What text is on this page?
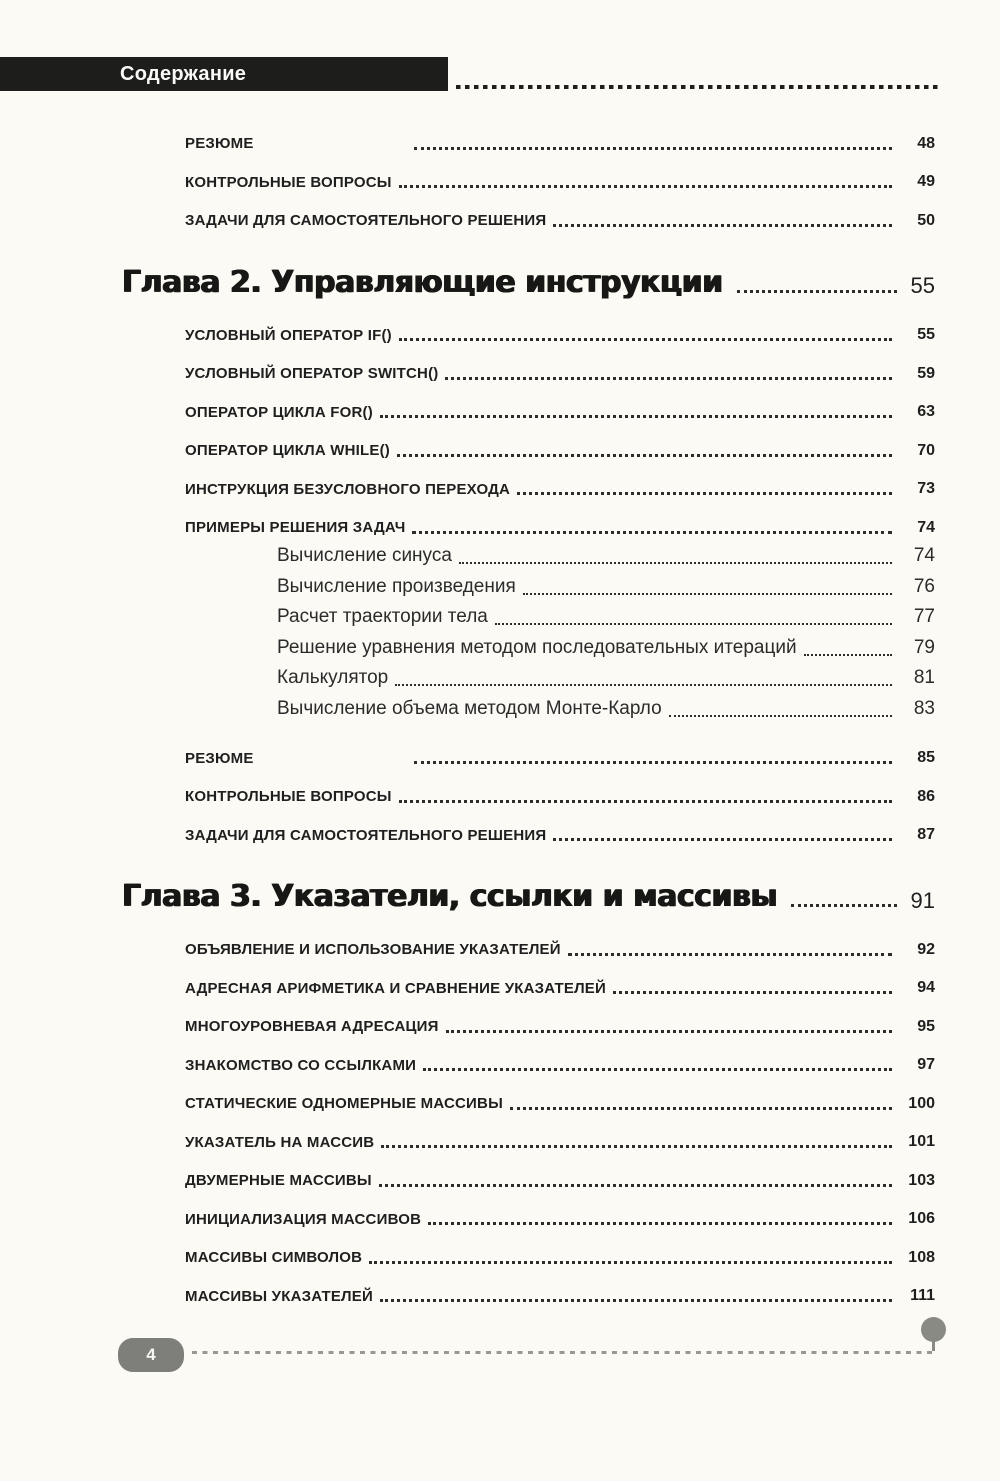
Содержание
РЕЗЮМЕ	48
КОНТРОЛЬНЫЕ ВОПРОСЫ	49
ЗАДАЧИ ДЛЯ САМОСТОЯТЕЛЬНОГО РЕШЕНИЯ	50
Глава 2. Управляющие инструкции	55
УСЛОВНЫЙ ОПЕРАТОР IF()	55
УСЛОВНЫЙ ОПЕРАТОР SWITCH()	59
ОПЕРАТОР ЦИКЛА FOR()	63
ОПЕРАТОР ЦИКЛА WHILE()	70
ИНСТРУКЦИЯ БЕЗУСЛОВНОГО ПЕРЕХОДА	73
ПРИМЕРЫ РЕШЕНИЯ ЗАДАЧ	74
Вычисление синуса	74
Вычисление произведения	76
Расчет траектории тела	77
Решение уравнения методом последовательных итераций	79
Калькулятор	81
Вычисление объема методом Монте-Карло	83
РЕЗЮМЕ	85
КОНТРОЛЬНЫЕ ВОПРОСЫ	86
ЗАДАЧИ ДЛЯ САМОСТОЯТЕЛЬНОГО РЕШЕНИЯ	87
Глава 3. Указатели, ссылки и массивы	91
ОБЪЯВЛЕНИЕ И ИСПОЛЬЗОВАНИЕ УКАЗАТЕЛЕЙ	92
АДРЕСНАЯ АРИФМЕТИКА И СРАВНЕНИЕ УКАЗАТЕЛЕЙ	94
МНОГОУРОВНЕВАЯ АДРЕСАЦИЯ	95
ЗНАКОМСТВО СО ССЫЛКАМИ	97
СТАТИЧЕСКИЕ ОДНОМЕРНЫЕ МАССИВЫ	100
УКАЗАТЕЛЬ НА МАССИВ	101
ДВУМЕРНЫЕ МАССИВЫ	103
ИНИЦИАЛИЗАЦИЯ МАССИВОВ	106
МАССИВЫ СИМВОЛОВ	108
МАССИВЫ УКАЗАТЕЛЕЙ	111
4
